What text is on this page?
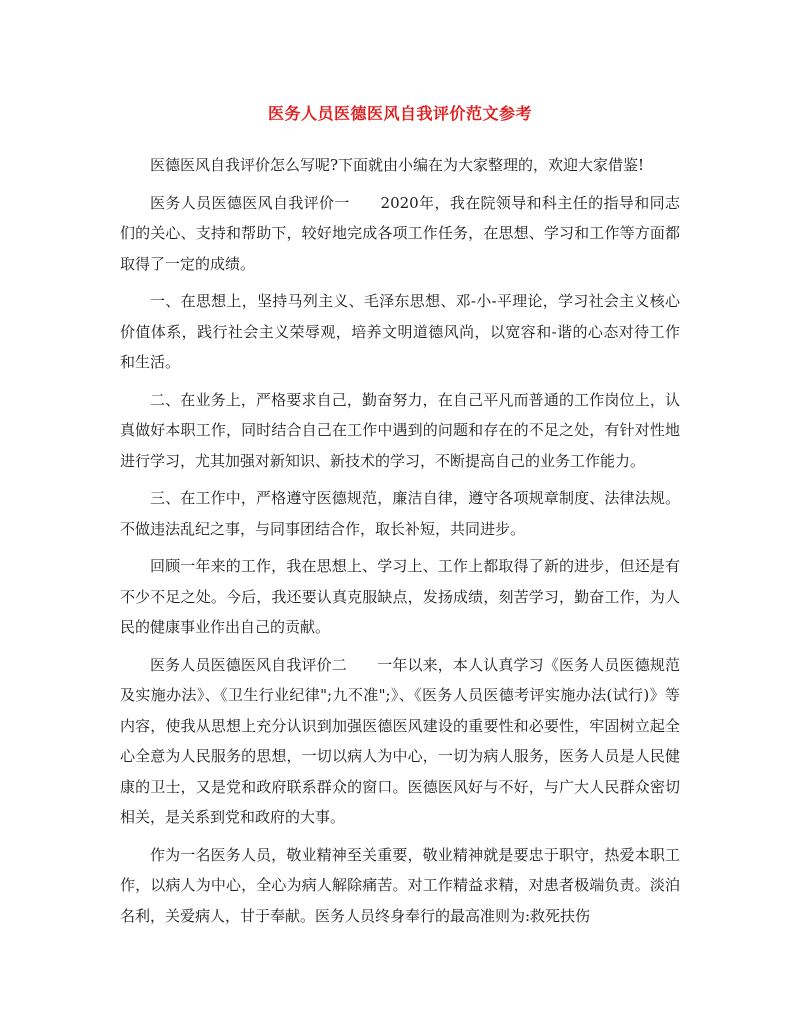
医务人员医德医风自我评价范文参考

医德医风自我评价怎么写呢?下面就由小编在为大家整理的，欢迎大家借鉴!

医务人员医德医风自我评价一　　2020年，我在院领导和科主任的指导和同志们的关心、支持和帮助下，较好地完成各项工作任务，在思想、学习和工作等方面都取得了一定的成绩。

一、在思想上，坚持马列主义、毛泽东思想、邓-小-平理论，学习社会主义核心价值体系，践行社会主义荣辱观，培养文明道德风尚，以宽容和-谐的心态对待工作和生活。

二、在业务上，严格要求自己，勤奋努力，在自己平凡而普通的工作岗位上，认真做好本职工作，同时结合自己在工作中遇到的问题和存在的不足之处，有针对性地进行学习，尤其加强对新知识、新技术的学习，不断提高自己的业务工作能力。

三、在工作中，严格遵守医德规范，廉洁自律，遵守各项规章制度、法律法规。不做违法乱纪之事，与同事团结合作，取长补短，共同进步。

回顾一年来的工作，我在思想上、学习上、工作上都取得了新的进步，但还是有不少不足之处。今后，我还要认真克服缺点，发扬成绩，刻苦学习，勤奋工作，为人民的健康事业作出自己的贡献。

医务人员医德医风自我评价二　　一年以来，本人认真学习《医务人员医德规范及实施办法》、《卫生行业纪律";九不准";》、《医务人员医德考评实施办法(试行)》等内容，使我从思想上充分认识到加强医德医风建设的重要性和必要性，牢固树立起全心全意为人民服务的思想，一切以病人为中心，一切为病人服务，医务人员是人民健康的卫士，又是党和政府联系群众的窗口。医德医风好与不好，与广大人民群众密切相关，是关系到党和政府的大事。

作为一名医务人员，敬业精神至关重要，敬业精神就是要忠于职守，热爱本职工作，以病人为中心，全心为病人解除痛苦。对工作精益求精，对患者极端负责。淡泊名利，关爱病人，甘于奉献。医务人员终身奉行的最高准则为:救死扶伤
